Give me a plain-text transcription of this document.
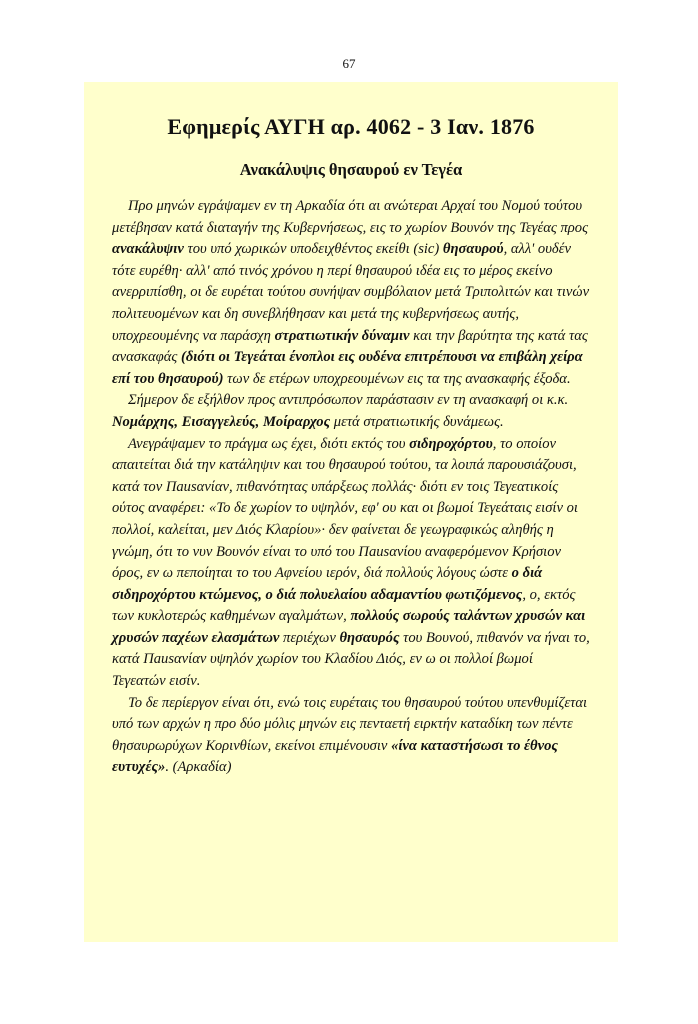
67
Εφημερίς ΑΥΓΗ αρ. 4062 - 3 Ιαν. 1876
Ανακάλυψις θησαυρού εν Τεγέα

Προ μηνών εγράψαμεν εν τη Αρκαδία ότι αι ανώτεραι Αρχαί του Νομού τούτου μετέβησαν κατά διαταγήν της Κυβερνήσεως, εις το χωρίον Βουνόν της Τεγέας προς ανακάλυψιν του υπό χωρικών υποδειχθέντος εκείθι (sic) θησαυρού, αλλ' ουδέν τότε ευρέθη· αλλ' από τινός χρόνου η περί θησαυρού ιδέα εις το μέρος εκείνο ανερριπίσθη, οι δε ευρέται τούτου συνήψαν συμβόλαιον μετά Τριπολιτών και τινών πολιτευομένων και δη συνεβλήθησαν και μετά της κυβερνήσεως αυτής, υποχρεουμένης να παράσχη στρατιωτικήν δύναμιν και την βαρύτητα της κατά τας ανασκαφάς (διότι οι Τεγεάται ένοπλοι εις ουδένα επιτρέπουσι να επιβάλη χείρα επί του θησαυρού) των δε ετέρων υποχρεουμένων εις τα της ανασκαφής έξοδα.

Σήμερον δε εξήλθον προς αντιπρόσωπον παράστασιν εν τη ανασκαφή οι κ.κ. Νομάρχης, Εισαγγελεύς, Μοίραρχος μετά στρατιωτικής δυνάμεως.

Ανεγράψαμεν το πράγμα ως έχει, διότι εκτός του σιδηροχόρτου, το οποίον απαιτείται διά την κατάληψιν και του θησαυρού τούτου, τα λοιπά παρουσιάζουσι, κατά τον Πausανίαν, πιθανότητας υπάρξεως πολλάς· διότι εν τοις Τεγεατικοίς ούτος αναφέρει: «Το δε χωρίον το υψηλόν, εφ' ου και οι βωμοί Τεγεάταις εισίν οι πολλοί, καλείται, μεν Διός Κλαρίου»· δεν φαίνεται δε γεωγραφικώς αληθής η γνώμη, ότι το νυν Βουνόν είναι το υπό του Πausανίου αναφερόμενον Κρήσιον όρος, εν ω πεποίηται το του Αφνείου ιερόν, διά πολλούς λόγους ώστε ο διά σιδηροχόρτου κτώμενος, ο διά πολυελαίου αδαμαντίου φωτιζόμενος, ο, εκτός των κυκλοτερώς καθημένων αγαλμάτων, πολλούς σωρούς ταλάντων χρυσών και χρυσών παχέων ελασμάτων περιέχων θησαυρός του Βουνού, πιθανόν να ήναι το, κατά Πausανίαν υψηλόν χωρίον του Κλαδίου Διός, εν ω οι πολλοί βωμοί Τεγεατών εισίν.

Το δε περίεργον είναι ότι, ενώ τοις ευρέταις του θησαυρού τούτου υπενθυμίζεται υπό των αρχών η προ δύο μόλις μηνών εις πενταετή ειρκτήν καταδίκη των πέντε θησαυρωρύχων Κορινθίων, εκείνοι επιμένουσιν «ίνα καταστήσωσι το έθνος ευτυχές». (Αρκαδία)
